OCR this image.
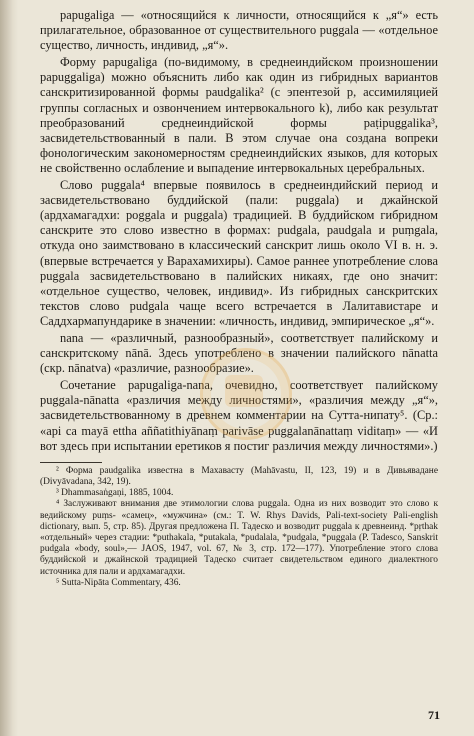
papugaliga — «относящийся к личности, относящийся к „я“» есть прилагательное, образованное от существительного puggala — «отдельное существо, личность, индивид, „я“».

Форму papugaliga (по-видимому, в среднеиндийском произношении papuggaliga) можно объяснить либо как один из гибридных вариантов санскритизированной формы paudgalika² (с эпентезой p, ассимиляцией группы согласных и озвончением интервокального k), либо как результат преобразований среднеиндийской формы paṭipuggalika³, засвидетельствованный в пали. В этом случае она создана вопреки фонологическим закономерностям среднеиндийских языков, для которых не свойственно ослабление и выпадение интервокальных церебральных.

Слово puggala⁴ впервые появилось в среднеиндийский период и засвидетельствовано буддийской (пали: puggala) и джайнской (ардхамагадхи: poggala и puggala) традицией. В буддийском гибридном санскрите это слово известно в формах: pudgala, paudgala и puṃgala, откуда оно заимствовано в классический санскрит лишь около VI в. н. э. (впервые встречается у Варахамихиры). Самое раннее употребление слова puggala засвидетельствовано в палийских никаях, где оно значит: «отдельное существо, человек, индивид». Из гибридных санскритских текстов слово pudgala чаще всего встречается в Лалитавистаре и Саддхармапундарике в значении: «личность, индивид, эмпирическое „я“».

nana — «различный, разнообразный», соответствует палийскому и санскритскому nānā. Здесь употреблено в значении палийского nānatta (скр. nānatva) «различие, разнообразие».

Сочетание papugaliga-nana, очевидно, соответствует палийскому puggala-nānatta «различия между личностями», «различия между „я“», засвидетельствованному в древнем комментарии на Сутта-нипату⁵. (Ср.: «api ca mayā ettha aññatithiyānaṃ parivāse puggalanānattaṃ viditaṃ» — «И вот здесь при испытании еретиков я постиг различия между личностями».)

² Форма paudgalika известна в Махавасту (Mahāvastu, II, 123, 19) и в Дивьявадане (Divyāvadana, 342, 19).

³ Dhammasaṅgaṇi, 1885, 1004.

⁴ Заслуживают внимания две этимологии слова puggala. Одна из них возводит это слово к ведийскому puṃs- «самец», «мужчина» (см.: T. W. Rhys Davids, Pali-text-society Pali-english dictionary, вып. 5, стр. 85). Другая предложена П. Тадеско и возводит puggala к древнеинд. *pṛthak «отдельный» через стадии: *puthakala, *putakala, *pudalala, *pudgala, *puggala (P. Tadesco, Sanskrit pudgala «body, soul»,— JAOS, 1947, vol. 67, № 3, стр. 172—177). Употребление этого слова буддийской и джайнской традицией Тадеско считает свидетельством единого диалектного источника для пали и ардхамагадхи.

⁵ Sutta-Nipāta Commentary, 436.

71
